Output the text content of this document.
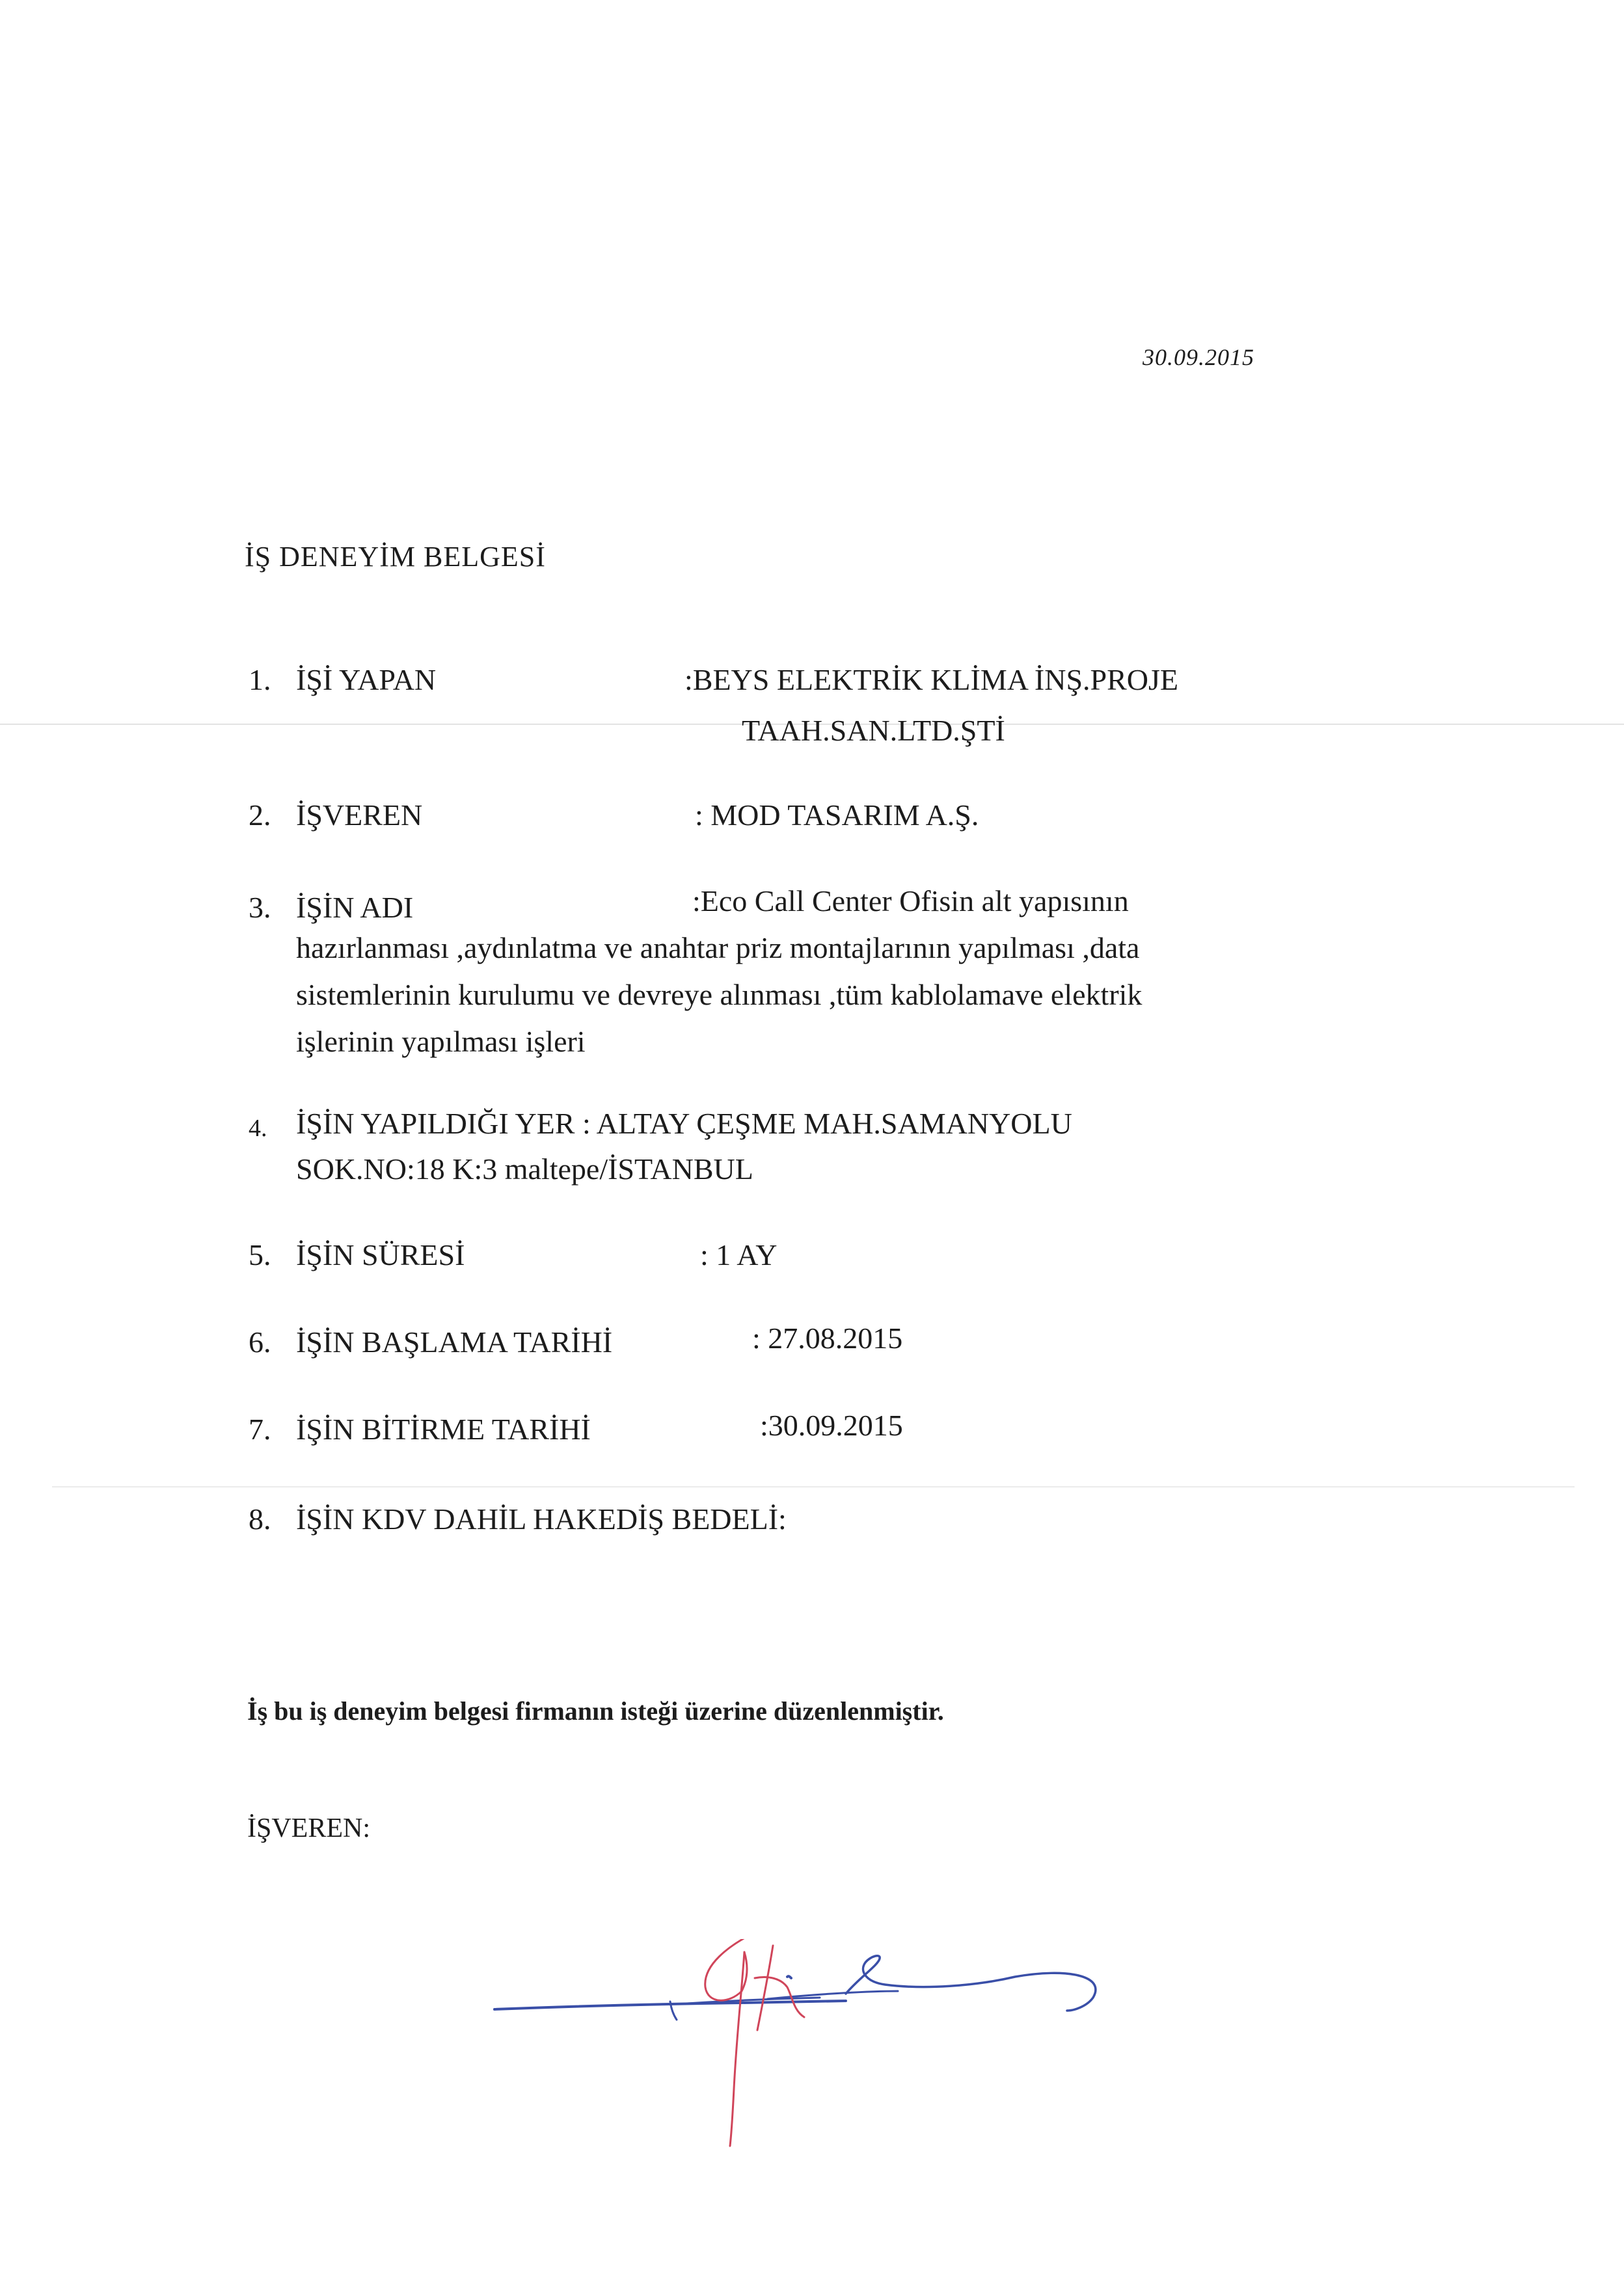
30.09.2015
İŞ DENEYİM BELGESİ
1. İŞİ YAPAN	:BEYS ELEKTRİK KLİMA İNŞ.PROJE
TAAH.SAN.LTD.ŞTİ
2. İŞVEREN	: MOD TASARIM A.Ş.
3. İŞİN ADI	:Eco Call Center Ofisin alt yapısının
hazırlanması ,aydınlatma ve anahtar priz montajlarının yapılması ,data
sistemlerinin kurulumu ve devreye alınması ,tüm kablolamave elektrik
işlerinin yapılması işleri
4. İŞİN YAPILDIĞI YER : ALTAY ÇEŞME MAH.SAMANYOLU
SOK.NO:18 K:3 maltepe/İSTANBUL
5. İŞİN SÜRESİ	: 1 AY
6. İŞİN BAŞLAMA TARİHİ	: 27.08.2015
7. İŞİN BİTİRME TARİHİ	:30.09.2015
8. İŞİN KDV DAHİL HAKEDİŞ BEDELİ:
İş bu iş deneyim belgesi firmanın isteği üzerine düzenlenmiştir.
İŞVEREN:
